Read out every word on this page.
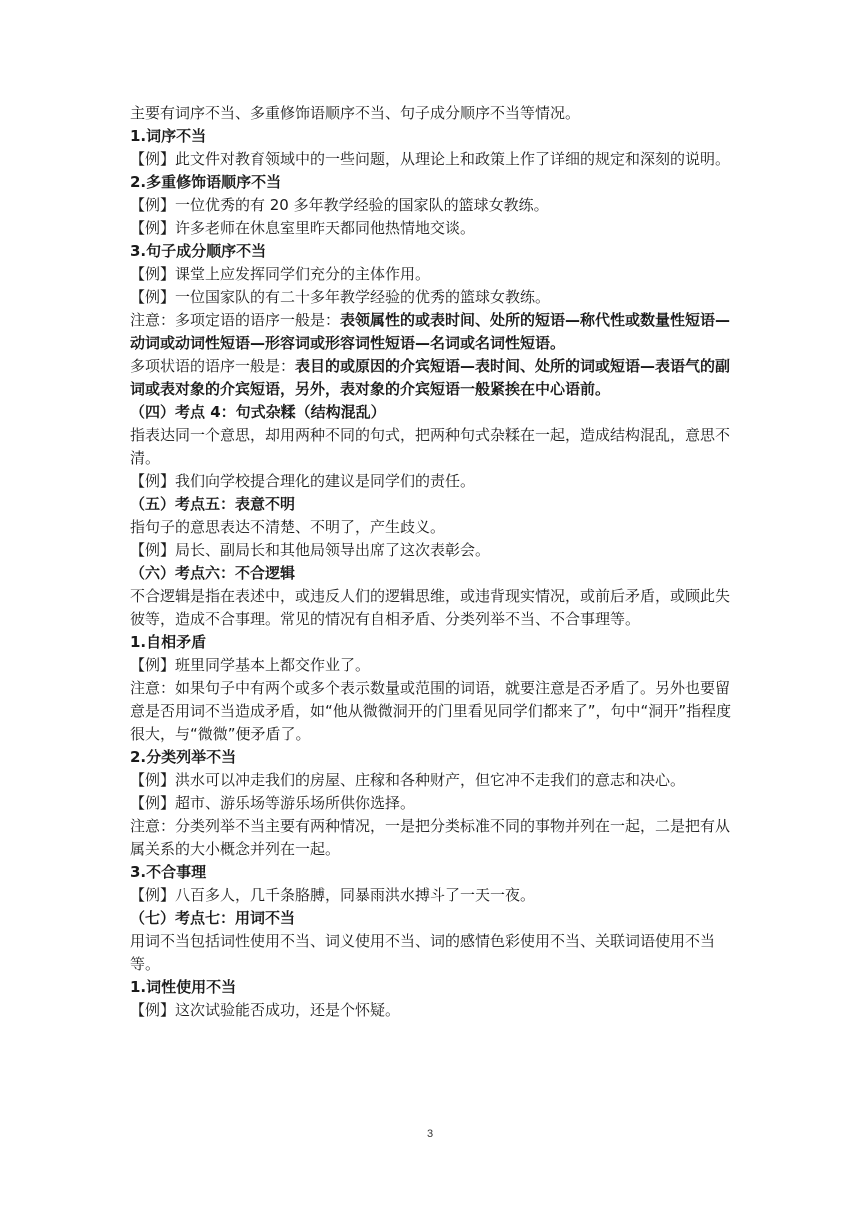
主要有词序不当、多重修饰语顺序不当、句子成分顺序不当等情况。

1.词序不当

【例】此文件对教育领域中的一些问题，从理论上和政策上作了详细的规定和深刻的说明。

2.多重修饰语顺序不当

【例】一位优秀的有 20 多年教学经验的国家队的篮球女教练。

【例】许多老师在休息室里昨天都同他热情地交谈。

3.句子成分顺序不当

【例】课堂上应发挥同学们充分的主体作用。

【例】一位国家队的有二十多年教学经验的优秀的篮球女教练。

注意：多项定语的语序一般是：表领属性的或表时间、处所的短语—称代性或数量性短语—动词或动词性短语—形容词或形容词性短语—名词或名词性短语。

多项状语的语序一般是：表目的或原因的介宾短语—表时间、处所的词或短语—表语气的副词或表对象的介宾短语，另外，表对象的介宾短语一般紧挨在中心语前。

（四）考点 4：句式杂糅（结构混乱）

指表达同一个意思，却用两种不同的句式，把两种句式杂糅在一起，造成结构混乱，意思不清。

【例】我们向学校提合理化的建议是同学们的责任。

（五）考点五：表意不明

指句子的意思表达不清楚、不明了，产生歧义。

【例】局长、副局长和其他局领导出席了这次表彰会。

（六）考点六：不合逻辑

不合逻辑是指在表述中，或违反人们的逻辑思维，或违背现实情况，或前后矛盾，或顾此失彼等，造成不合事理。常见的情况有自相矛盾、分类列举不当、不合事理等。

1.自相矛盾

【例】班里同学基本上都交作业了。

注意：如果句子中有两个或多个表示数量或范围的词语，就要注意是否矛盾了。另外也要留意是否用词不当造成矛盾，如“他从微微洞开的门里看见同学们都来了”，句中“洞开”指程度很大，与“微微”便矛盾了。

2.分类列举不当

【例】洪水可以冲走我们的房屋、庄稼和各种财产，但它冲不走我们的意志和决心。

【例】超市、游乐场等游乐场所供你选择。

注意：分类列举不当主要有两种情况，一是把分类标准不同的事物并列在一起，二是把有从属关系的大小概念并列在一起。

3.不合事理

【例】八百多人，几千条胳膊，同暴雨洪水搏斗了一天一夜。

（七）考点七：用词不当

用词不当包括词性使用不当、词义使用不当、词的感情色彩使用不当、关联词语使用不当等。

1.词性使用不当

【例】这次试验能否成功，还是个怀疑。

3
